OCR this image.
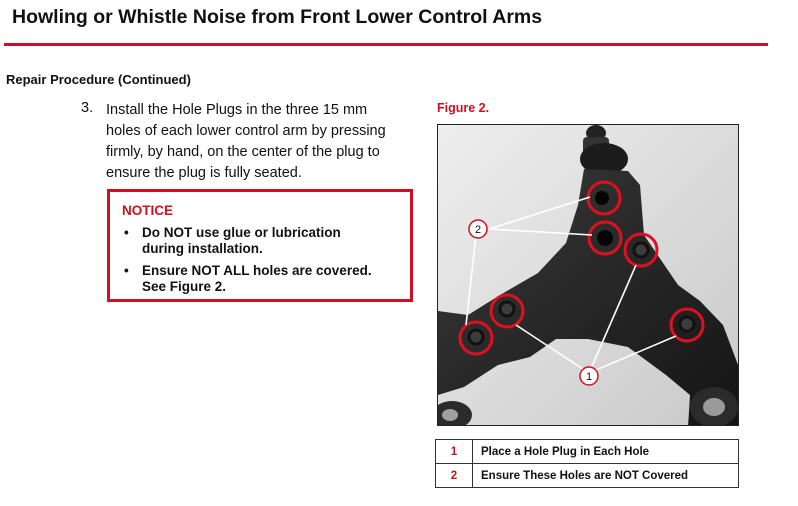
Howling or Whistle Noise from Front Lower Control Arms
Repair Procedure (Continued)
3. Install the Hole Plugs in the three 15 mm
holes of each lower control arm by pressing
firmly, by hand, on the center of the plug to
ensure the plug is fully seated.
NOTICE
• Do NOT use glue or lubrication
during installation.
• Ensure NOT ALL holes are covered.
See Figure 2.
Figure 2.
2
1
1	Place a Hole Plug in Each Hole
2	Ensure These Holes are NOT Covered
